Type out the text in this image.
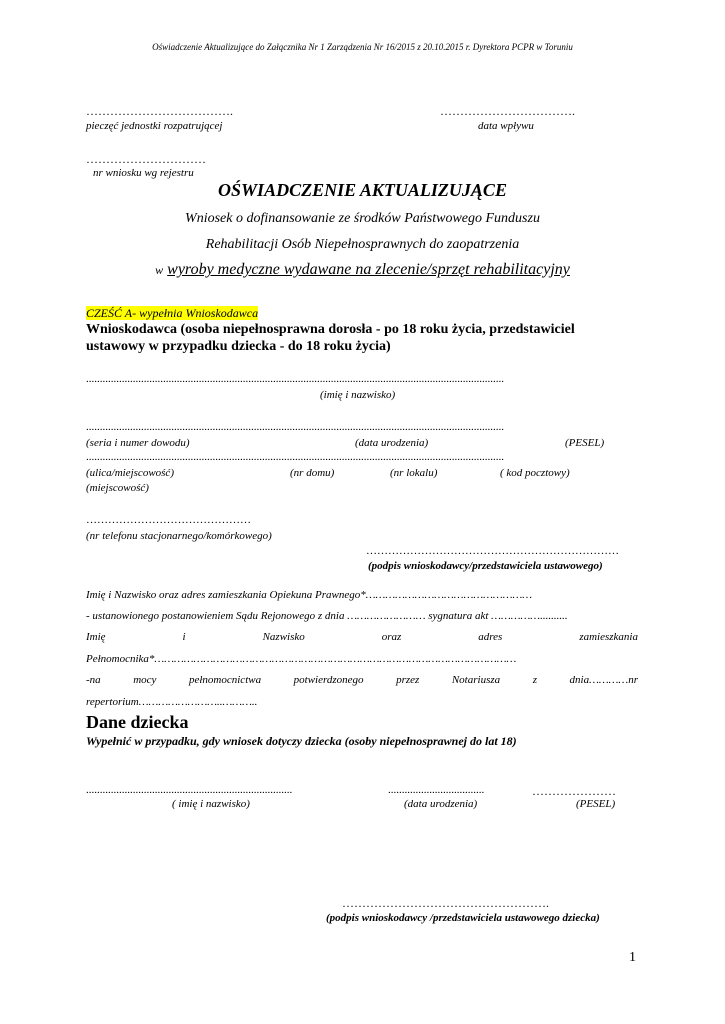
Oświadczenie Aktualizujące do Załącznika Nr 1 Zarządzenia Nr 16/2015 z 20.10.2015 r. Dyrektora PCPR w Toruniu
……………………………….
pieczęć jednostki rozpatrującej
…………………………….
data wpływu
…………………………
nr wniosku wg rejestru
OŚWIADCZENIE AKTUALIZUJĄCE
Wniosek o dofinansowanie ze środków Państwowego Funduszu
Rehabilitacji Osób Niepełnosprawnych do zaopatrzenia
w wyroby medyczne wydawane na zlecenie/sprzęt rehabilitacyjny
CZEŚĆ A- wypełnia Wnioskodawca
Wnioskodawca (osoba niepełnosprawna dorosła - po 18 roku życia, przedstawiciel
ustawowy w przypadku dziecka - do 18 roku życia)
........................................................................................................................................................
(imię i nazwisko)
........................................................................................................................................................
(seria i numer dowodu)	(data urodzenia)	(PESEL)
........................................................................................................................................................
(ulica/miejscowość)	(nr domu)	(nr lokalu)	( kod pocztowy)
(miejscowość)
………………………………………
(nr telefonu stacjonarnego/komórkowego)
……………………………………………………………
(podpis wnioskodawcy/przedstawiciela ustawowego)
Imię i Nazwisko oraz adres zamieszkania Opiekuna Prawnego*……………………………………………
- ustanowionego postanowieniem Sądu Rejonowego z dnia …………………… sygnatura akt ……………..........
Imię	i	Nazwisko	oraz	adres	zamieszkania
Pełnomocnika*…………………………………………………………………………………………………
-na	mocy	pełnomocnictwa	potwierdzonego	przez	Notariusza	z	dnia…………nr
repertorium……………………..………..
Dane dziecka
Wypełnić w przypadku, gdy wniosek dotyczy dziecka (osoby niepełnosprawnej do lat 18)
...........................................................................	...................................	…………………
( imię i nazwisko)	(data urodzenia)	(PESEL)
…………………………………………….
(podpis wnioskodawcy /przedstawiciela ustawowego dziecka)
1
